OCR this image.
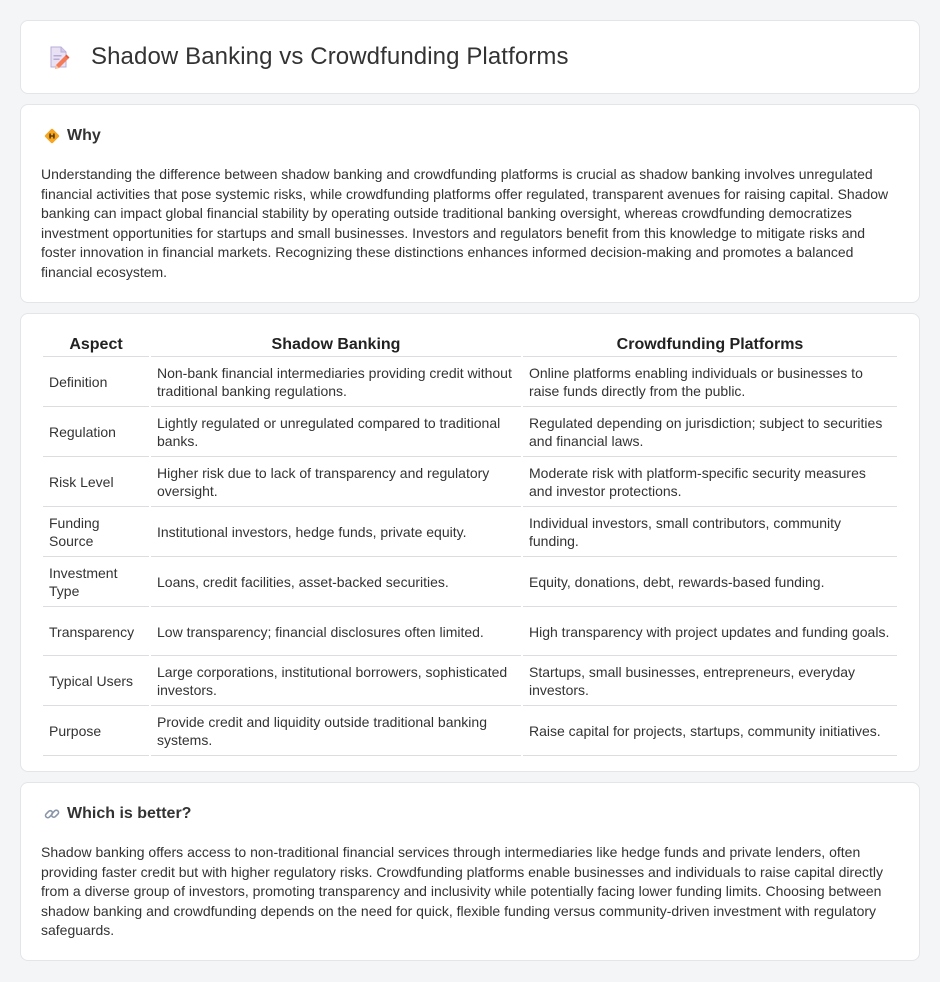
Shadow Banking vs Crowdfunding Platforms
Why

Understanding the difference between shadow banking and crowdfunding platforms is crucial as shadow banking involves unregulated financial activities that pose systemic risks, while crowdfunding platforms offer regulated, transparent avenues for raising capital. Shadow banking can impact global financial stability by operating outside traditional banking oversight, whereas crowdfunding democratizes investment opportunities for startups and small businesses. Investors and regulators benefit from this knowledge to mitigate risks and foster innovation in financial markets. Recognizing these distinctions enhances informed decision-making and promotes a balanced financial ecosystem.

Aspect	Shadow Banking	Crowdfunding Platforms
Definition	Non-bank financial intermediaries providing credit without traditional banking regulations.	Online platforms enabling individuals or businesses to raise funds directly from the public.
Regulation	Lightly regulated or unregulated compared to traditional banks.	Regulated depending on jurisdiction; subject to securities and financial laws.
Risk Level	Higher risk due to lack of transparency and regulatory oversight.	Moderate risk with platform-specific security measures and investor protections.
Funding Source	Institutional investors, hedge funds, private equity.	Individual investors, small contributors, community funding.
Investment Type	Loans, credit facilities, asset-backed securities.	Equity, donations, debt, rewards-based funding.
Transparency	Low transparency; financial disclosures often limited.	High transparency with project updates and funding goals.
Typical Users	Large corporations, institutional borrowers, sophisticated investors.	Startups, small businesses, entrepreneurs, everyday investors.
Purpose	Provide credit and liquidity outside traditional banking systems.	Raise capital for projects, startups, community initiatives.
Which is better?

Shadow banking offers access to non-traditional financial services through intermediaries like hedge funds and private lenders, often providing faster credit but with higher regulatory risks. Crowdfunding platforms enable businesses and individuals to raise capital directly from a diverse group of investors, promoting transparency and inclusivity while potentially facing lower funding limits. Choosing between shadow banking and crowdfunding depends on the need for quick, flexible funding versus community-driven investment with regulatory safeguards.
